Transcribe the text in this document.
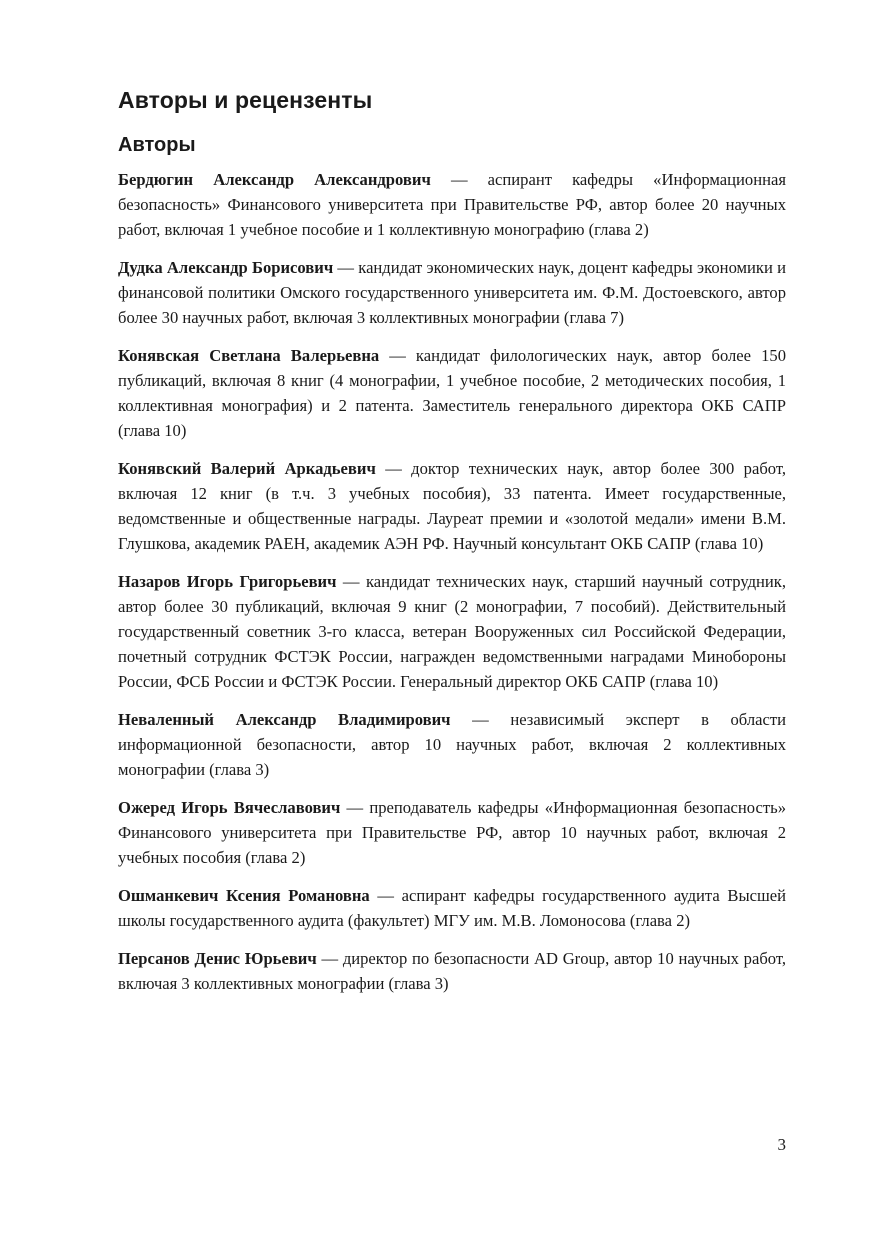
Авторы и рецензенты
Авторы

Бердюгин Александр Александрович — аспирант кафедры «Информационная безопасность» Финансового университета при Правительстве РФ, автор более 20 научных работ, включая 1 учебное пособие и 1 коллективную монографию (глава 2)

Дудка Александр Борисович — кандидат экономических наук, доцент кафедры экономики и финансовой политики Омского государственного университета им. Ф.М. Достоевского, автор более 30 научных работ, включая 3 коллективных монографии (глава 7)

Конявская Светлана Валерьевна — кандидат филологических наук, автор более 150 публикаций, включая 8 книг (4 монографии, 1 учебное пособие, 2 методических пособия, 1 коллективная монография) и 2 патента. Заместитель генерального директора ОКБ САПР (глава 10)

Конявский Валерий Аркадьевич — доктор технических наук, автор более 300 работ, включая 12 книг (в т.ч. 3 учебных пособия), 33 патента. Имеет государственные, ведомственные и общественные награды. Лауреат премии и «золотой медали» имени В.М. Глушкова, академик РАЕН, академик АЭН РФ. Научный консультант ОКБ САПР (глава 10)

Назаров Игорь Григорьевич — кандидат технических наук, старший научный сотрудник, автор более 30 публикаций, включая 9 книг (2 монографии, 7 пособий). Действительный государственный советник 3-го класса, ветеран Вооруженных сил Российской Федерации, почетный сотрудник ФСТЭК России, награжден ведомственными наградами Минобороны России, ФСБ России и ФСТЭК России. Генеральный директор ОКБ САПР (глава 10)

Неваленный Александр Владимирович — независимый эксперт в области информационной безопасности, автор 10 научных работ, включая 2 коллективных монографии (глава 3)

Ожеред Игорь Вячеславович — преподаватель кафедры «Информационная безопасность» Финансового университета при Правительстве РФ, автор 10 научных работ, включая 2 учебных пособия (глава 2)

Ошманкевич Ксения Романовна — аспирант кафедры государственного аудита Высшей школы государственного аудита (факультет) МГУ им. М.В. Ломоносова (глава 2)

Персанов Денис Юрьевич — директор по безопасности AD Group, автор 10 научных работ, включая 3 коллективных монографии (глава 3)

3
